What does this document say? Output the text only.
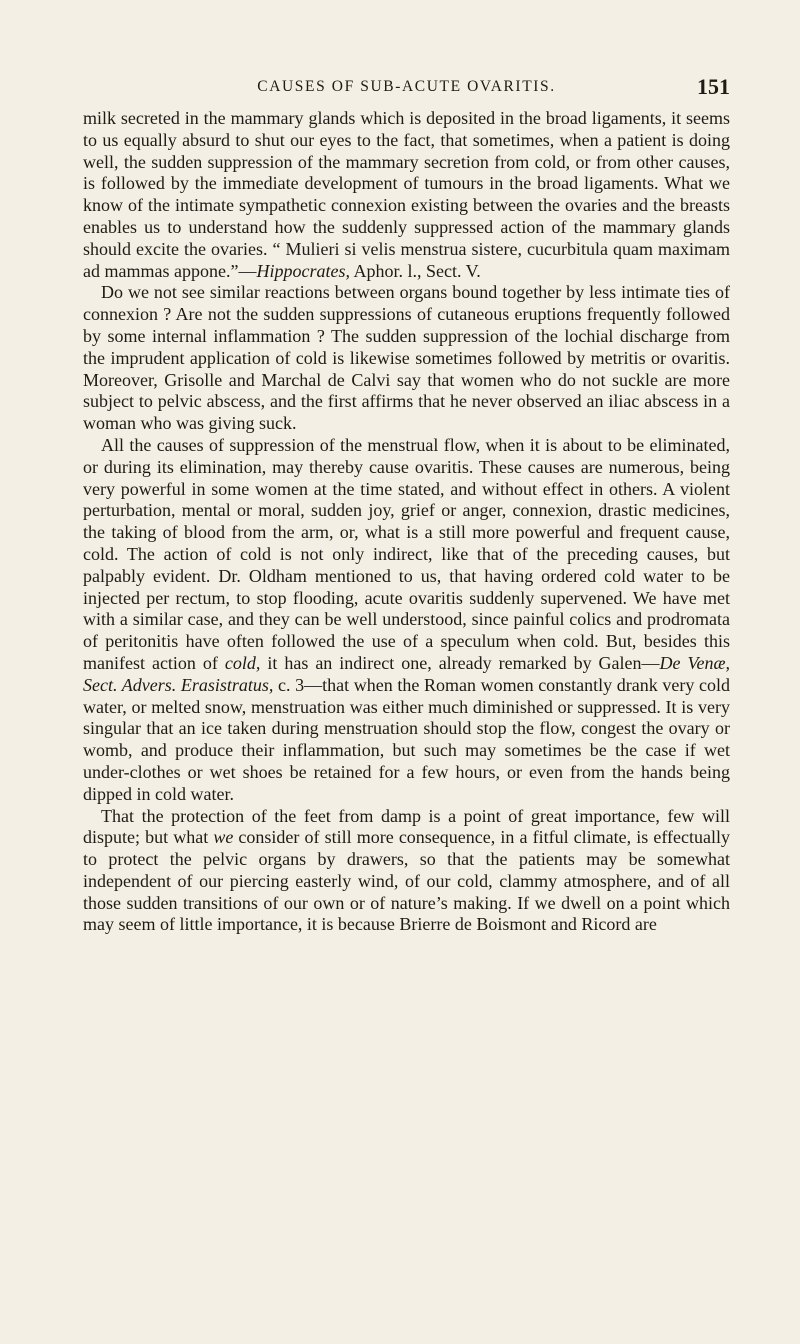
CAUSES OF SUB-ACUTE OVARITIS.	151

milk secreted in the mammary glands which is deposited in the broad ligaments, it seems to us equally absurd to shut our eyes to the fact, that sometimes, when a patient is doing well, the sudden suppression of the mammary secretion from cold, or from other causes, is followed by the immediate development of tumours in the broad ligaments. What we know of the intimate sympathetic connexion existing between the ovaries and the breasts enables us to understand how the suddenly suppressed action of the mammary glands should excite the ovaries. “ Mulieri si velis menstrua sistere, cucurbitula quam maximam ad mammas appone.”—Hippocrates, Aphor. l., Sect. V.

Do we not see similar reactions between organs bound together by less intimate ties of connexion ? Are not the sudden suppressions of cutaneous eruptions frequently followed by some internal inflammation ? The sudden suppression of the lochial discharge from the imprudent application of cold is likewise sometimes followed by metritis or ovaritis. Moreover, Grisolle and Marchal de Calvi say that women who do not suckle are more subject to pelvic abscess, and the first affirms that he never observed an iliac abscess in a woman who was giving suck.

All the causes of suppression of the menstrual flow, when it is about to be eliminated, or during its elimination, may thereby cause ovaritis. These causes are numerous, being very powerful in some women at the time stated, and without effect in others. A violent perturbation, mental or moral, sudden joy, grief or anger, connexion, drastic medicines, the taking of blood from the arm, or, what is a still more powerful and frequent cause, cold. The action of cold is not only indirect, like that of the preceding causes, but palpably evident. Dr. Oldham mentioned to us, that having ordered cold water to be injected per rectum, to stop flooding, acute ovaritis suddenly supervened. We have met with a similar case, and they can be well understood, since painful colics and prodromata of peritonitis have often followed the use of a speculum when cold. But, besides this manifest action of cold, it has an indirect one, already remarked by Galen—De Venæ, Sect. Advers. Erasistratus, c. 3—that when the Roman women constantly drank very cold water, or melted snow, menstruation was either much diminished or suppressed. It is very singular that an ice taken during menstruation should stop the flow, congest the ovary or womb, and produce their inflammation, but such may sometimes be the case if wet under-clothes or wet shoes be retained for a few hours, or even from the hands being dipped in cold water.

That the protection of the feet from damp is a point of great importance, few will dispute; but what we consider of still more consequence, in a fitful climate, is effectually to protect the pelvic organs by drawers, so that the patients may be somewhat independent of our piercing easterly wind, of our cold, clammy atmosphere, and of all those sudden transitions of our own or of nature’s making. If we dwell on a point which may seem of little importance, it is because Brierre de Boismont and Ricord are
